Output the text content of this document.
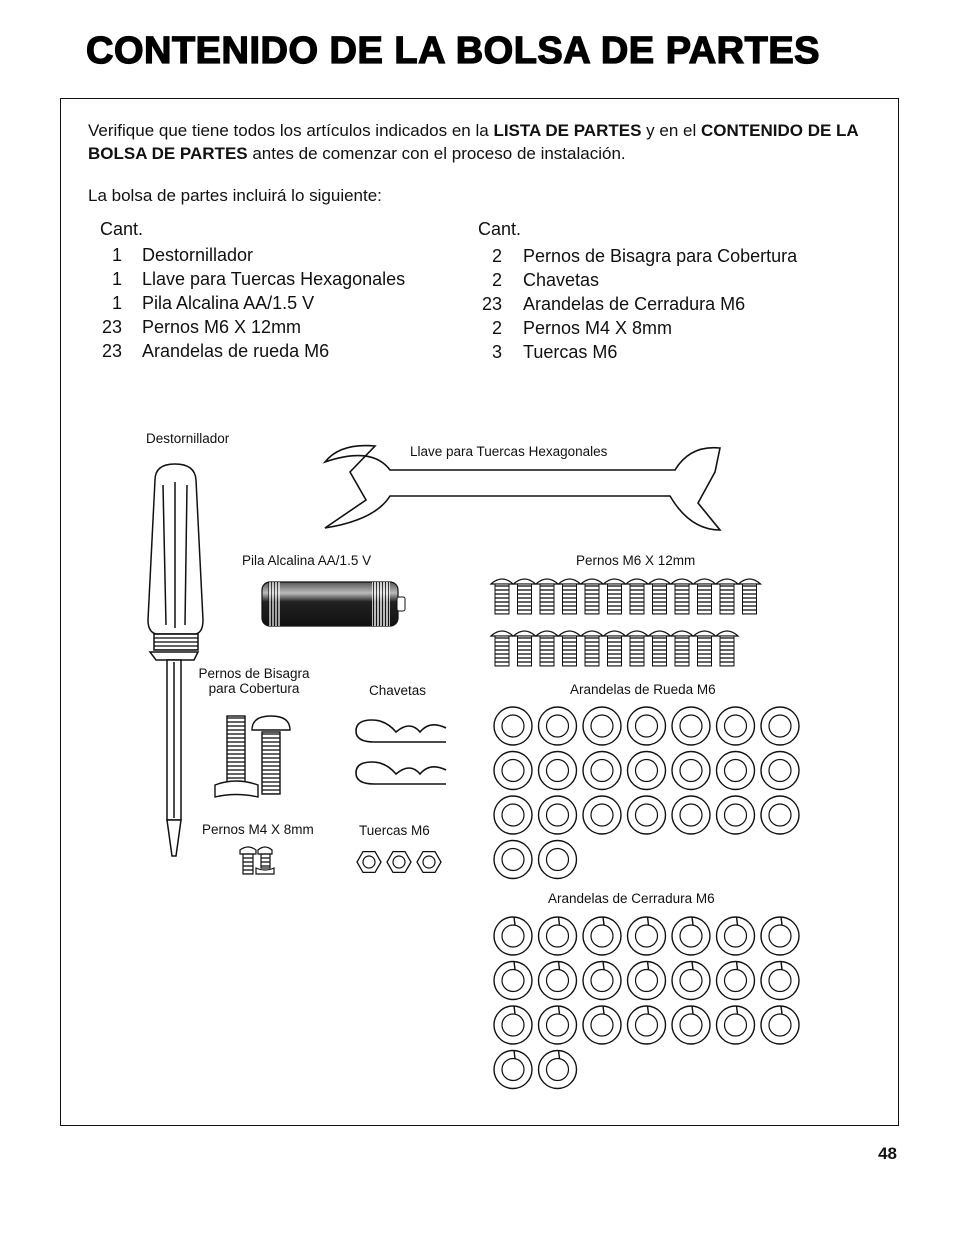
CONTENIDO DE LA BOLSA DE PARTES

Verifique que tiene todos los artículos indicados en la LISTA DE PARTES y en el CONTENIDO DE LA BOLSA DE PARTES antes de comenzar con el proceso de instalación.

La bolsa de partes incluirá lo siguiente:

Cant.
1 Destornillador
1 Llave para Tuercas Hexagonales
1 Pila Alcalina AA/1.5 V
23 Pernos M6 X 12mm
23 Arandelas de rueda M6
Cant.
2 Pernos de Bisagra para Cobertura
2 Chavetas
23 Arandelas de Cerradura M6
2 Pernos M4 X 8mm
3 Tuercas M6
Destornillador
Llave para Tuercas Hexagonales
Pila Alcalina AA/1.5 V	Pernos M6 X 12mm
Pernos de Bisagra
para Cobertura	Chavetas	Arandelas de Rueda M6
Pernos M4 X 8mm	Tuercas M6
Arandelas de Cerradura M6
48
